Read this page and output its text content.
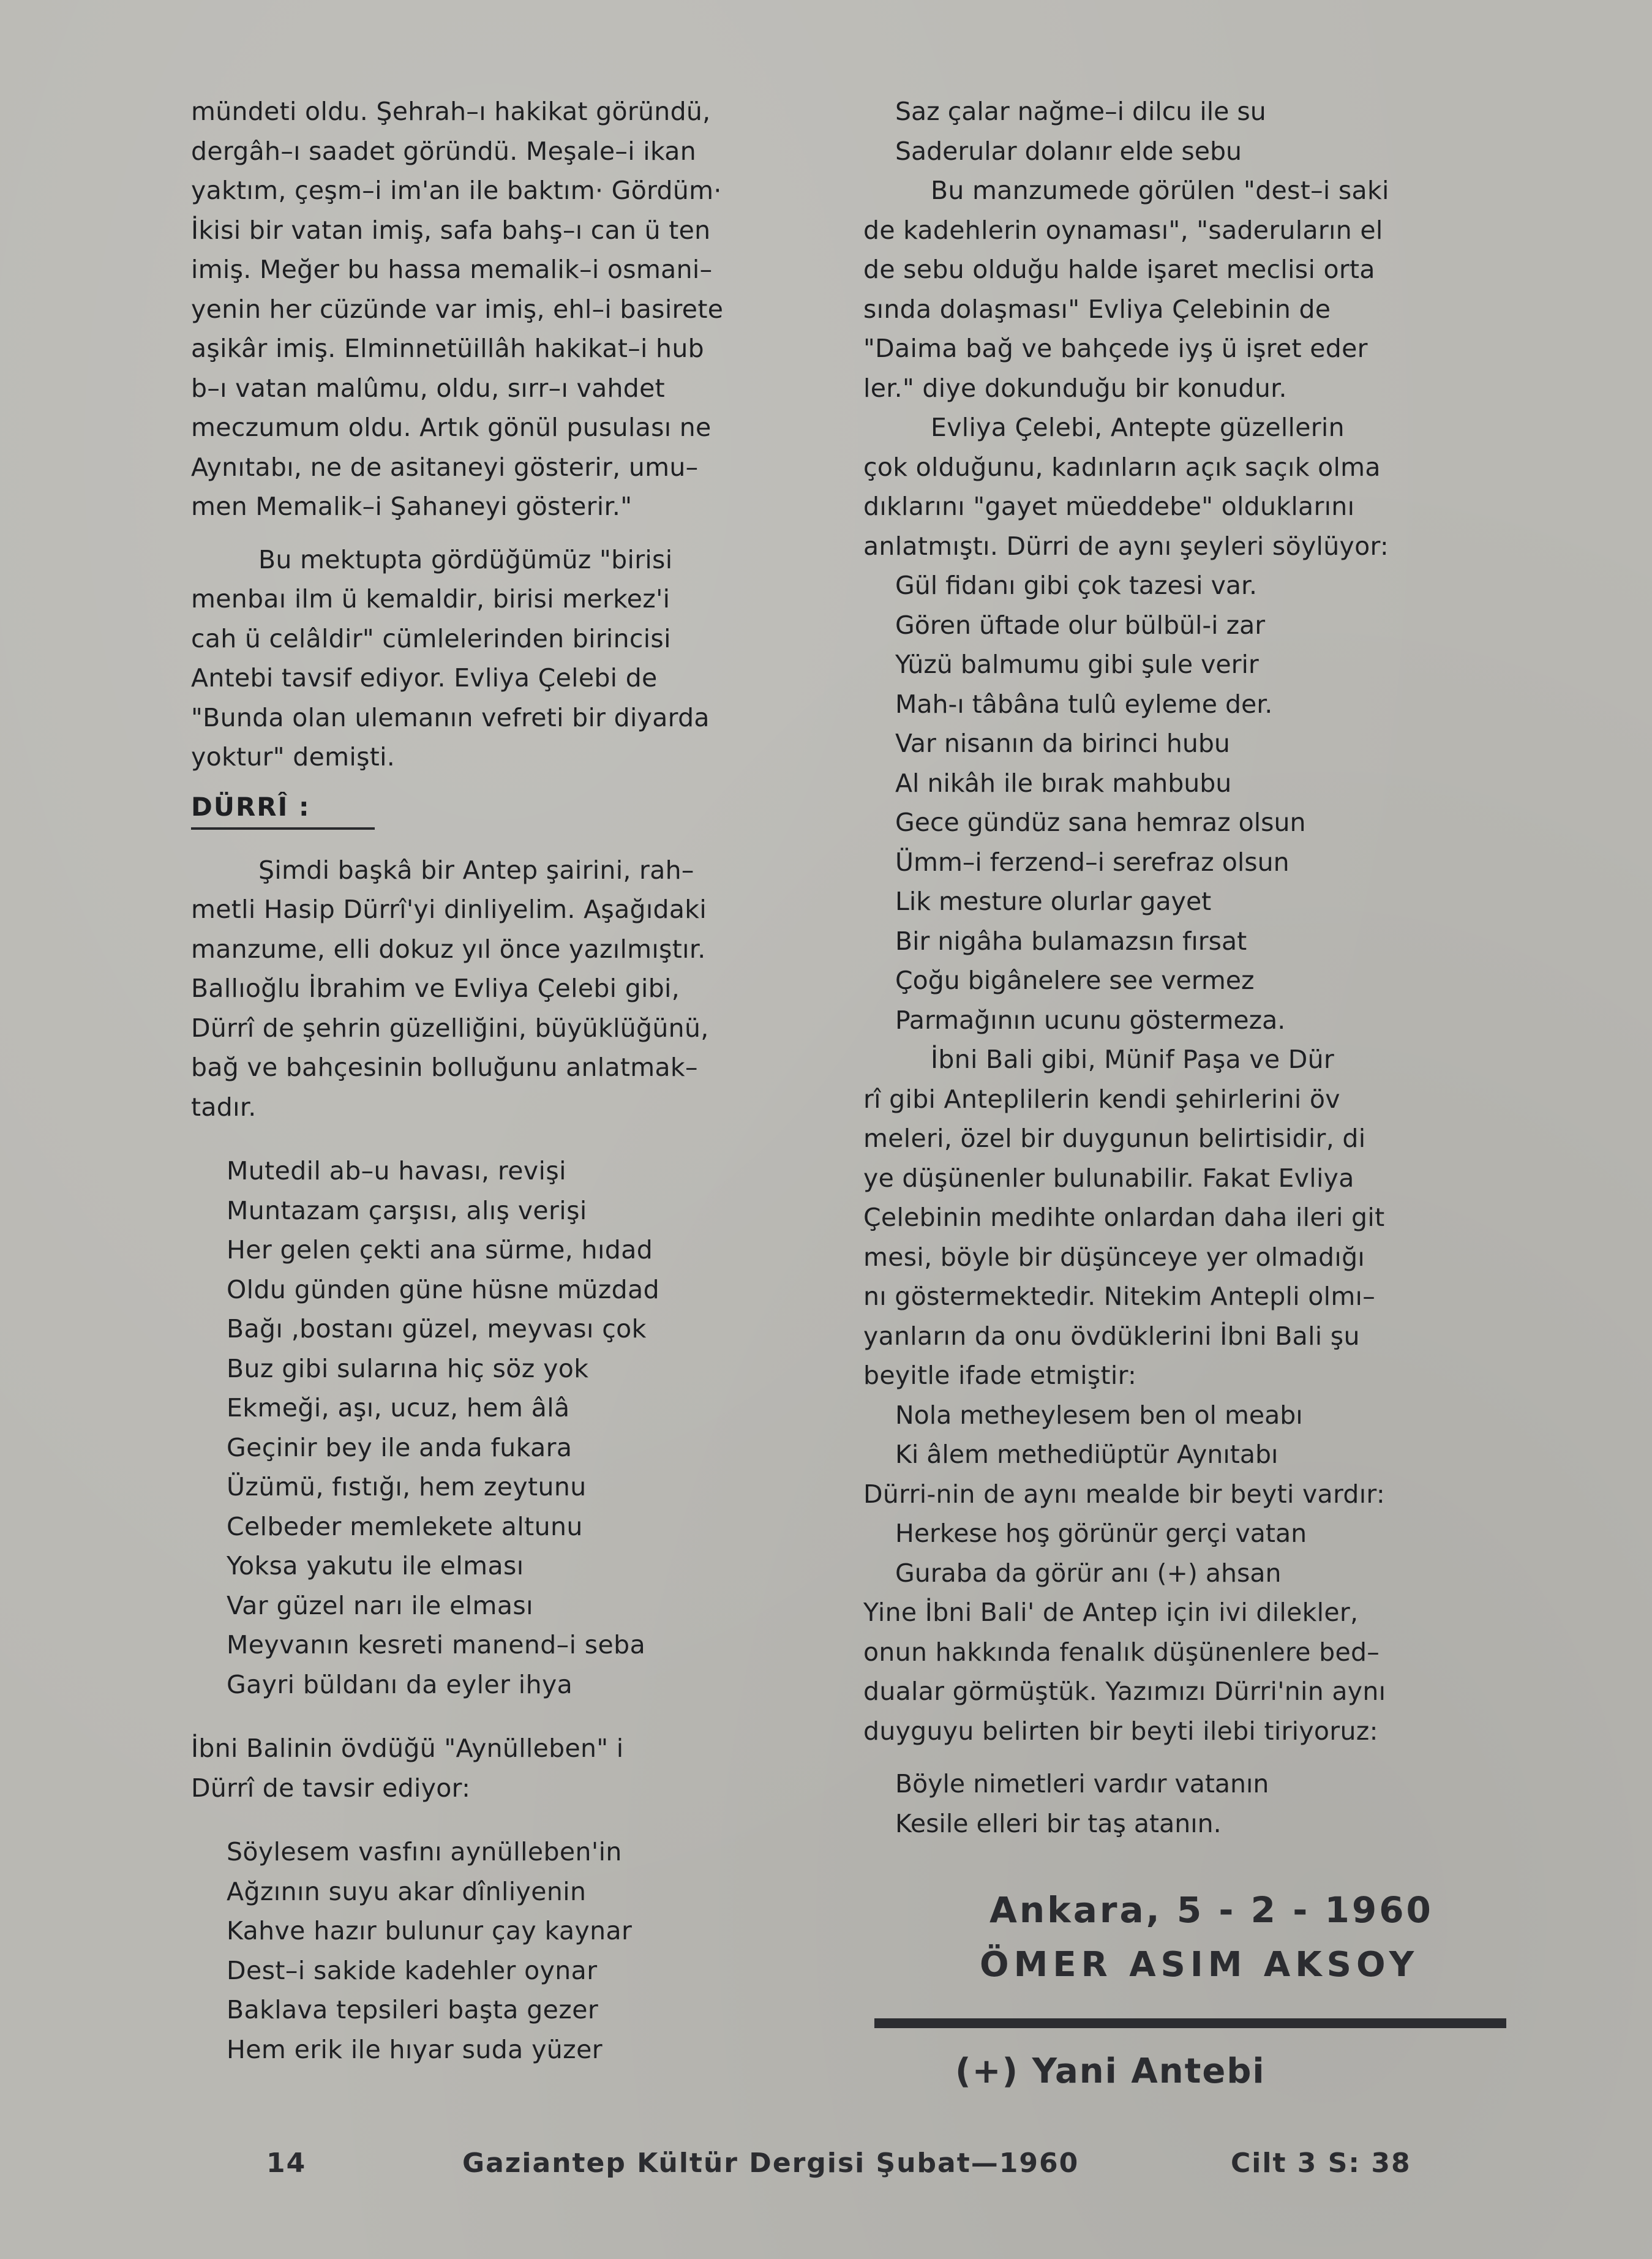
mündeti oldu. Şehrah–ı hakikat göründü,

dergâh–ı saadet göründü. Meşale–i ikan

yaktım, çeşm–i im'an ile baktım· Gördüm·

İkisi bir vatan imiş, safa bahş–ı can ü ten

imiş. Meğer bu hassa memalik–i osmani–

yenin her cüzünde var imiş, ehl–i basirete

aşikâr imiş. Elminnetüillâh hakikat–i hub

b–ı vatan malûmu, oldu, sırr–ı vahdet

meczumum oldu. Artık gönül pusulası ne

Aynıtabı, ne de asitaneyi gösterir, umu–

men Memalik–i Şahaneyi gösterir."

Bu mektupta gördüğümüz "birisi

menbaı ilm ü kemaldir, birisi merkez'i

cah ü celâldir" cümlelerinden birincisi

Antebi tavsif ediyor. Evliya Çelebi de

"Bunda olan ulemanın vefreti bir diyarda

yoktur" demişti.

DÜRRÎ :

Şimdi başkâ bir Antep şairini, rah–

metli Hasip Dürrî'yi dinliyelim. Aşağıdaki

manzume, elli dokuz yıl önce yazılmıştır.

Ballıoğlu İbrahim ve Evliya Çelebi gibi,

Dürrî de şehrin güzelliğini, büyüklüğünü,

bağ ve bahçesinin bolluğunu anlatmak–

tadır.

Mutedil ab–u havası, revişi
Muntazam çarşısı, alış verişi
Her gelen çekti ana sürme, hıdad
Oldu günden güne hüsne müzdad
Bağı ,bostanı güzel, meyvası çok
Buz gibi sularına hiç söz yok
Ekmeği, aşı, ucuz, hem âlâ
Geçinir bey ile anda fukara
Üzümü, fıstığı, hem zeytunu
Celbeder memlekete altunu
Yoksa yakutu ile elması
Var güzel narı ile elması
Meyvanın kesreti manend–i seba
Gayri büldanı da eyler ihya

İbni Balinin övdüğü "Aynülleben" i

Dürrî de tavsir ediyor:

Söylesem vasfını aynülleben'in
Ağzının suyu akar dînliyenin
Kahve hazır bulunur çay kaynar
Dest–i sakide kadehler oynar
Baklava tepsileri başta gezer
Hem erik ile hıyar suda yüzer
Saz çalar nağme–i dilcu ile su
Saderular dolanır elde sebu

Bu manzumede görülen "dest–i saki

de kadehlerin oynaması", "saderuların el

de sebu olduğu halde işaret meclisi orta

sında dolaşması" Evliya Çelebinin de

"Daima bağ ve bahçede iyş ü işret eder

ler." diye dokunduğu bir konudur.

Evliya Çelebi, Antepte güzellerin

çok olduğunu, kadınların açık saçık olma

dıklarını "gayet müeddebe" olduklarını

anlatmıştı. Dürri de aynı şeyleri söylüyor:

Gül fidanı gibi çok tazesi var.
Gören üftade olur bülbül-i zar
Yüzü balmumu gibi şule verir
Mah-ı tâbâna tulû eyleme der.
Var nisanın da birinci hubu
Al nikâh ile bırak mahbubu
Gece gündüz sana hemraz olsun
Ümm–i ferzend–i serefraz olsun
Lik mesture olurlar gayet
Bir nigâha bulamazsın fırsat
Çoğu bigânelere see vermez
Parmağının ucunu göstermeza.

İbni Bali gibi, Münif Paşa ve Dür

rî gibi Anteplilerin kendi şehirlerini öv

meleri, özel bir duygunun belirtisidir, di

ye düşünenler bulunabilir. Fakat Evliya

Çelebinin medihte onlardan daha ileri git

mesi, böyle bir düşünceye yer olmadığı

nı göstermektedir. Nitekim Antepli olmı–

yanların da onu övdüklerini İbni Bali şu

beyitle ifade etmiştir:

Nola metheylesem ben ol meabı
Ki âlem methediüptür Aynıtabı

Dürri-nin de aynı mealde bir beyti vardır:

Herkese hoş görünür gerçi vatan
Guraba da görür anı (+) ahsan

Yine İbni Bali' de Antep için ivi dilekler,

onun hakkında fenalık düşünenlere bed–

dualar görmüştük. Yazımızı Dürri'nin aynı

duyguyu belirten bir beyti ilebi tiriyoruz:

Böyle nimetleri vardır vatanın
Kesile elleri bir taş atanın.
Ankara, 5 - 2 - 1960
ÖMER ASIM AKSOY
(+) Yani Antebi
14	Gaziantep Kültür Dergisi Şubat—1960	Cilt 3 S: 38
